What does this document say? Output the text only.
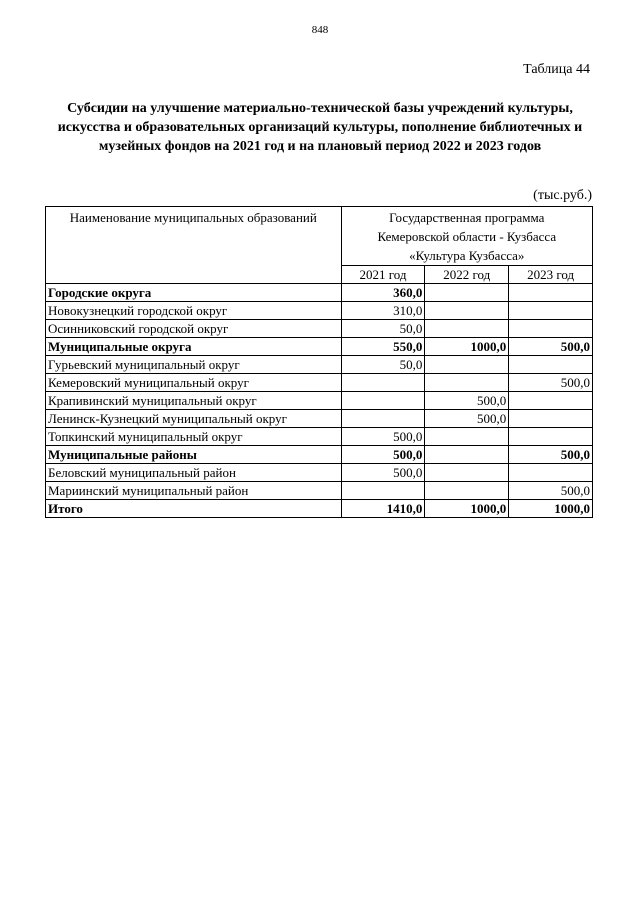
848
Таблица 44
Субсидии на улучшение материально-технической базы учреждений культуры,
искусства и образовательных организаций культуры, пополнение библиотечных и
музейных фондов на 2021 год и на плановый период 2022 и 2023 годов
(тыс.руб.)
Наименование муниципальных образований	Государственная программа
Кемеровской области - Кузбасса
«Культура Кузбасса»		

	2021 год	2022 год	2023 год
Городские округа	360,0		
Новокузнецкий городской округ	310,0		
Осинниковский городской округ	50,0		
Муниципальные округа	550,0	1000,0	500,0
Гурьевский муниципальный округ	50,0		
Кемеровский муниципальный округ			500,0
Крапивинский муниципальный округ		500,0	
Ленинск-Кузнецкий муниципальный округ		500,0	
Топкинский муниципальный округ	500,0		
Муниципальные районы	500,0		500,0
Беловский муниципальный район	500,0		
Мариинский муниципальный район			500,0
Итого	1410,0	1000,0	1000,0
